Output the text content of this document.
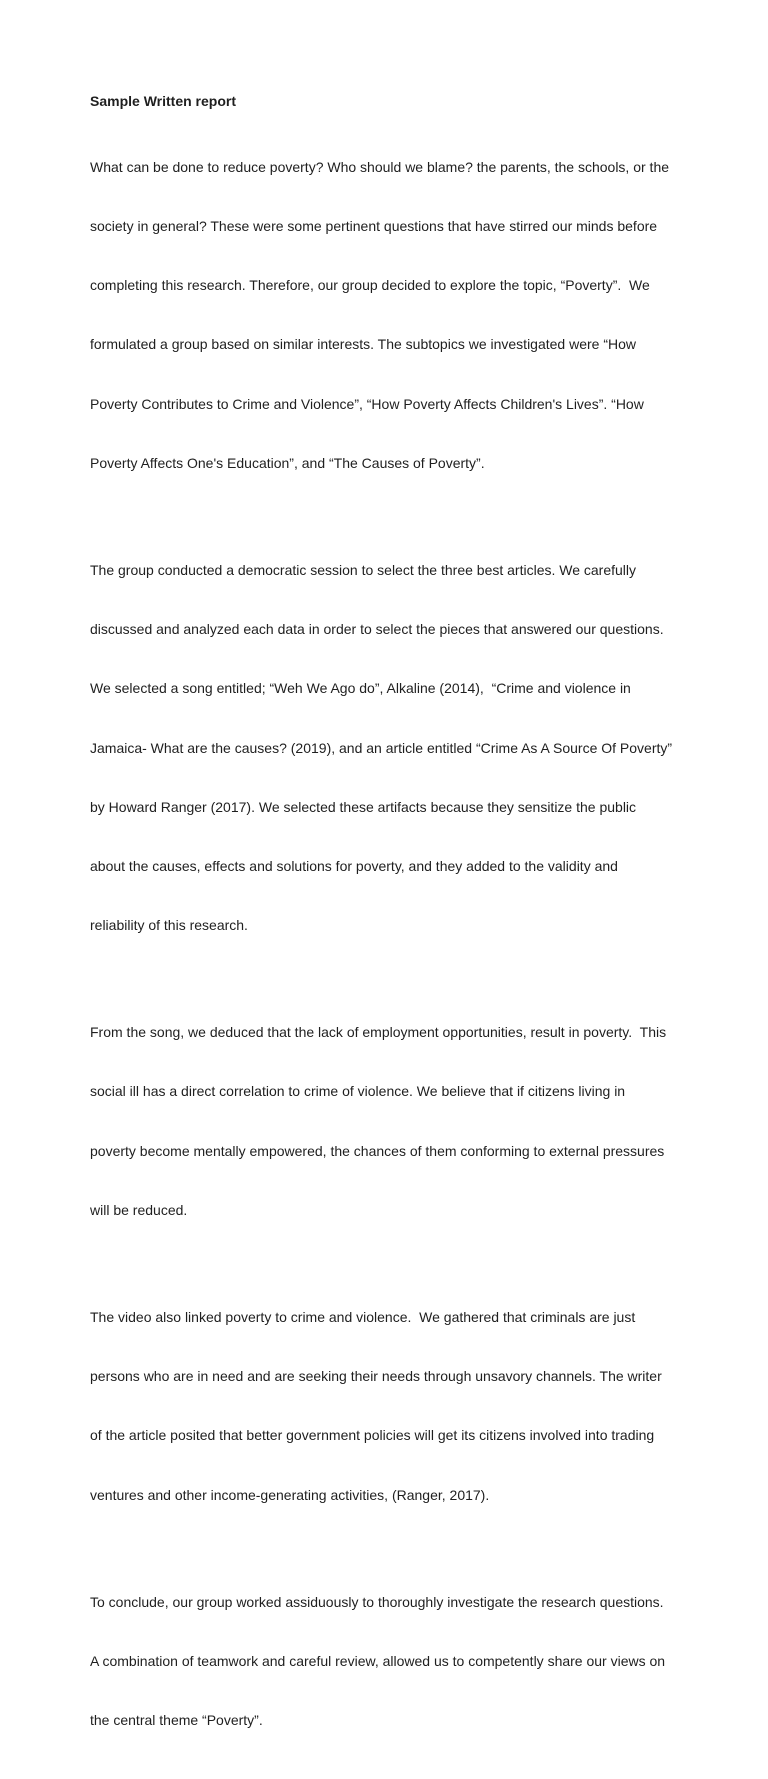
Sample Written report

What can be done to reduce poverty? Who should we blame? the parents, the schools, or the

society in general? These were some pertinent questions that have stirred our minds before

completing this research. Therefore, our group decided to explore the topic, “Poverty”.  We

formulated a group based on similar interests. The subtopics we investigated were “How

Poverty Contributes to Crime and Violence”, “How Poverty Affects Children's Lives”. “How

Poverty Affects One's Education”, and “The Causes of Poverty”.

The group conducted a democratic session to select the three best articles. We carefully

discussed and analyzed each data in order to select the pieces that answered our questions.

We selected a song entitled; “Weh We Ago do”, Alkaline (2014),  “Crime and violence in

Jamaica- What are the causes? (2019), and an article entitled “Crime As A Source Of Poverty”

by Howard Ranger (2017). We selected these artifacts because they sensitize the public

about the causes, effects and solutions for poverty, and they added to the validity and

reliability of this research.

From the song, we deduced that the lack of employment opportunities, result in poverty.  This

social ill has a direct correlation to crime of violence. We believe that if citizens living in

poverty become mentally empowered, the chances of them conforming to external pressures

will be reduced.

The video also linked poverty to crime and violence.  We gathered that criminals are just

persons who are in need and are seeking their needs through unsavory channels. The writer

of the article posited that better government policies will get its citizens involved into trading

ventures and other income-generating activities, (Ranger, 2017).

To conclude, our group worked assiduously to thoroughly investigate the research questions.

A combination of teamwork and careful review, allowed us to competently share our views on

the central theme “Poverty”.
